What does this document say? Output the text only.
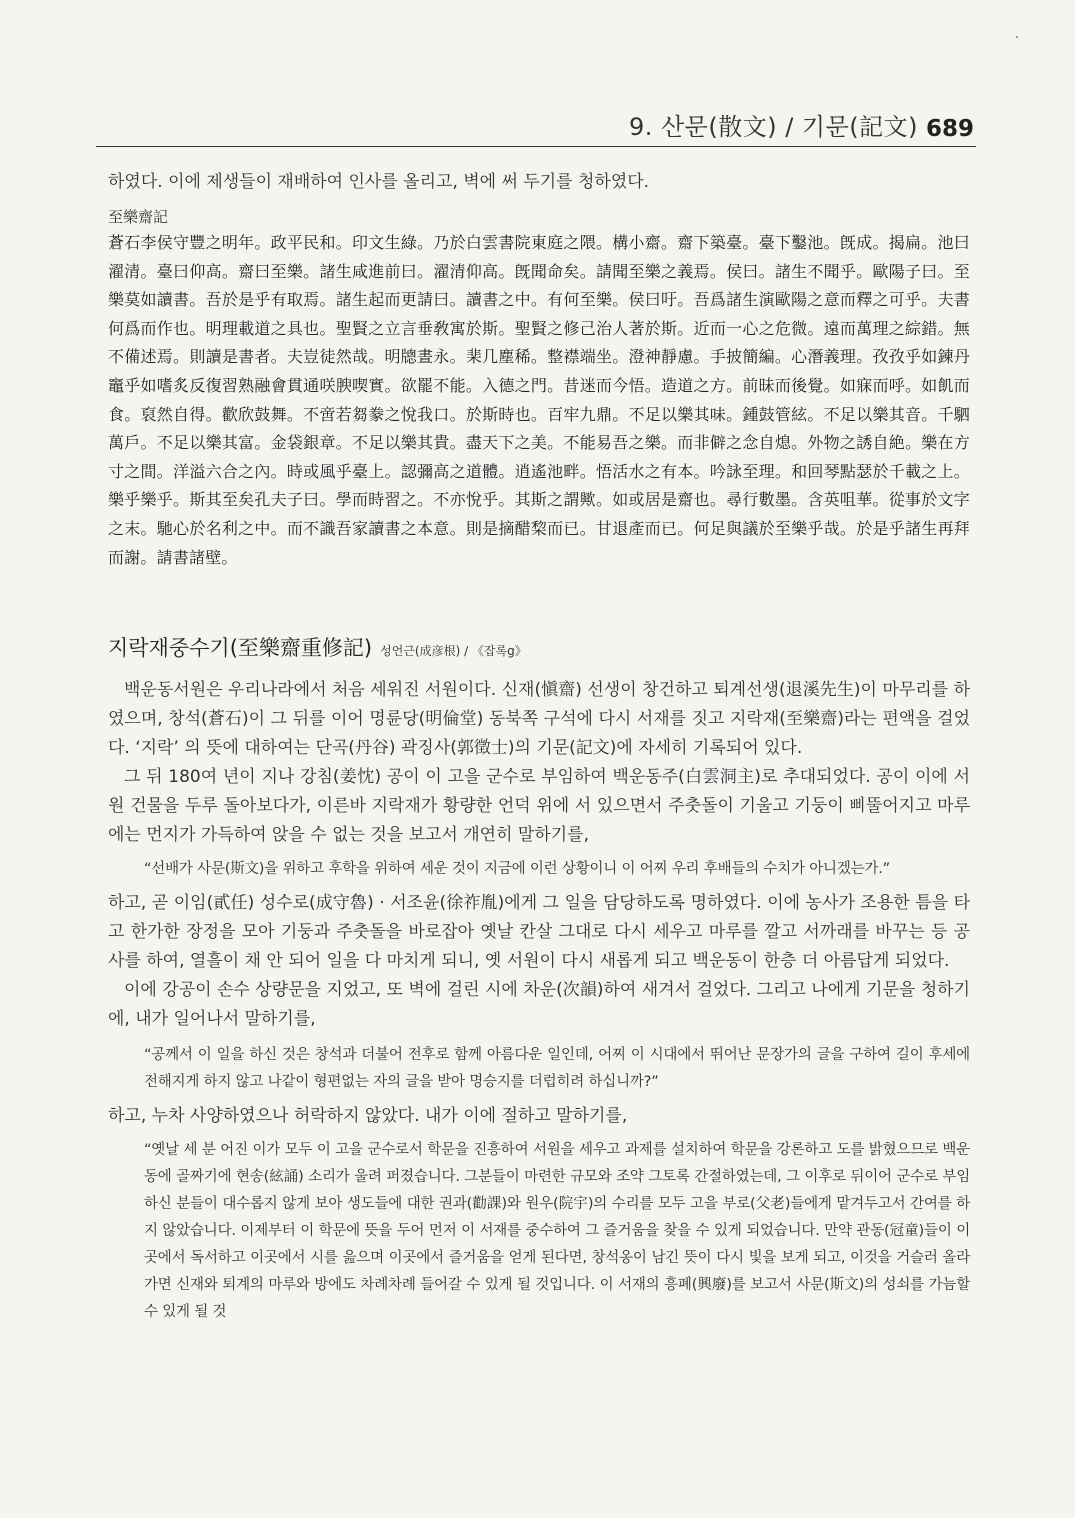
9. 산문(散文) / 기문(記文) 689

하였다. 이에 제생들이 재배하여 인사를 올리고, 벽에 써 두기를 청하였다.

至樂齋記

蒼石李侯守豐之明年。政平民和。印文生綠。乃於白雲書院東庭之隈。構小齋。齋下築臺。臺下鑿池。旣成。揭扁。池曰濯清。臺曰仰高。齋曰至樂。諸生咸進前曰。濯清仰高。旣聞命矣。請聞至樂之義焉。侯曰。諸生不聞乎。歐陽子曰。至樂莫如讀書。吾於是乎有取焉。諸生起而更請曰。讀書之中。有何至樂。侯曰吁。吾爲諸生演歐陽之意而釋之可乎。夫書何爲而作也。明理載道之具也。聖賢之立言垂敎寓於斯。聖賢之修己治人著於斯。近而一心之危微。遠而萬理之綜錯。無不備述焉。則讀是書者。夫豈徒然哉。明牕晝永。棐几塵稀。整襟端坐。澄神靜慮。手披簡編。心潛義理。孜孜乎如鍊丹竈乎如嗜炙反復習熟融會貫通咲腴喫實。欲罷不能。入德之門。昔迷而今悟。造道之方。前昧而後覺。如寐而呼。如飢而食。裒然自得。歡欣鼓舞。不啻若芻豢之悅我口。於斯時也。百牢九鼎。不足以樂其味。鍾鼓管絃。不足以樂其音。千駟萬戶。不足以樂其富。金袋銀章。不足以樂其貴。盡天下之美。不能易吾之樂。而非僻之念自熄。外物之誘自絶。樂在方寸之間。洋溢六合之內。時或風乎臺上。認彌高之道體。逍遙池畔。悟活水之有本。吟詠至理。和回琴點瑟於千載之上。樂乎樂乎。斯其至矣孔夫子曰。學而時習之。不亦悅乎。其斯之謂歟。如或居是齋也。尋行數墨。含英咀華。從事於文字之末。馳心於名利之中。而不識吾家讀書之本意。則是摘醋棃而已。甘退產而已。何足與議於至樂乎哉。於是乎諸生再拜而謝。請書諸壁。

지락재중수기(至樂齋重修記) 성언근(成彦根) / 《잡록g》

백운동서원은 우리나라에서 처음 세워진 서원이다. 신재(愼齋) 선생이 창건하고 퇴계선생(退溪先生)이 마무리를 하였으며, 창석(蒼石)이 그 뒤를 이어 명륜당(明倫堂) 동북쪽 구석에 다시 서재를 짓고 지락재(至樂齋)라는 편액을 걸었다. ‘지락’ 의 뜻에 대하여는 단곡(丹谷) 곽징사(郭徵士)의 기문(記文)에 자세히 기록되어 있다.

그 뒤 180여 년이 지나 강침(姜忱) 공이 이 고을 군수로 부임하여 백운동주(白雲洞主)로 추대되었다. 공이 이에 서원 건물을 두루 돌아보다가, 이른바 지락재가 황량한 언덕 위에 서 있으면서 주춧돌이 기울고 기둥이 삐뚤어지고 마루에는 먼지가 가득하여 앉을 수 없는 것을 보고서 개연히 말하기를,

“선배가 사문(斯文)을 위하고 후학을 위하여 세운 것이 지금에 이런 상황이니 이 어찌 우리 후배들의 수치가 아니겠는가.”

하고, 곧 이임(貳任) 성수로(成守魯) · 서조윤(徐祚胤)에게 그 일을 담당하도록 명하였다. 이에 농사가 조용한 틈을 타고 한가한 장정을 모아 기둥과 주춧돌을 바로잡아 옛날 칸살 그대로 다시 세우고 마루를 깔고 서까래를 바꾸는 등 공사를 하여, 열흘이 채 안 되어 일을 다 마치게 되니, 옛 서원이 다시 새롭게 되고 백운동이 한층 더 아름답게 되었다.

이에 강공이 손수 상량문을 지었고, 또 벽에 걸린 시에 차운(次韻)하여 새겨서 걸었다. 그리고 나에게 기문을 청하기에, 내가 일어나서 말하기를,

“공께서 이 일을 하신 것은 창석과 더불어 전후로 함께 아름다운 일인데, 어찌 이 시대에서 뛰어난 문장가의 글을 구하여 길이 후세에 전해지게 하지 않고 나같이 형편없는 자의 글을 받아 명승지를 더럽히려 하십니까?”

하고, 누차 사양하였으나 허락하지 않았다. 내가 이에 절하고 말하기를,

“옛날 세 분 어진 이가 모두 이 고을 군수로서 학문을 진흥하여 서원을 세우고 과제를 설치하여 학문을 강론하고 도를 밝혔으므로 백운동에 골짜기에 현송(絃誦) 소리가 울려 퍼졌습니다. 그분들이 마련한 규모와 조약 그토록 간절하였는데, 그 이후로 뒤이어 군수로 부임하신 분들이 대수롭지 않게 보아 생도들에 대한 권과(勸課)와 원우(院宇)의 수리를 모두 고을 부로(父老)들에게 맡겨두고서 간여를 하지 않았습니다. 이제부터 이 학문에 뜻을 두어 먼저 이 서재를 중수하여 그 즐거움을 찾을 수 있게 되었습니다. 만약 관동(冠童)들이 이곳에서 독서하고 이곳에서 시를 읊으며 이곳에서 즐거움을 얻게 된다면, 창석옹이 남긴 뜻이 다시 빛을 보게 되고, 이것을 거슬러 올라가면 신재와 퇴계의 마루와 방에도 차례차례 들어갈 수 있게 될 것입니다. 이 서재의 흥폐(興廢)를 보고서 사문(斯文)의 성쇠를 가늠할 수 있게 될 것
